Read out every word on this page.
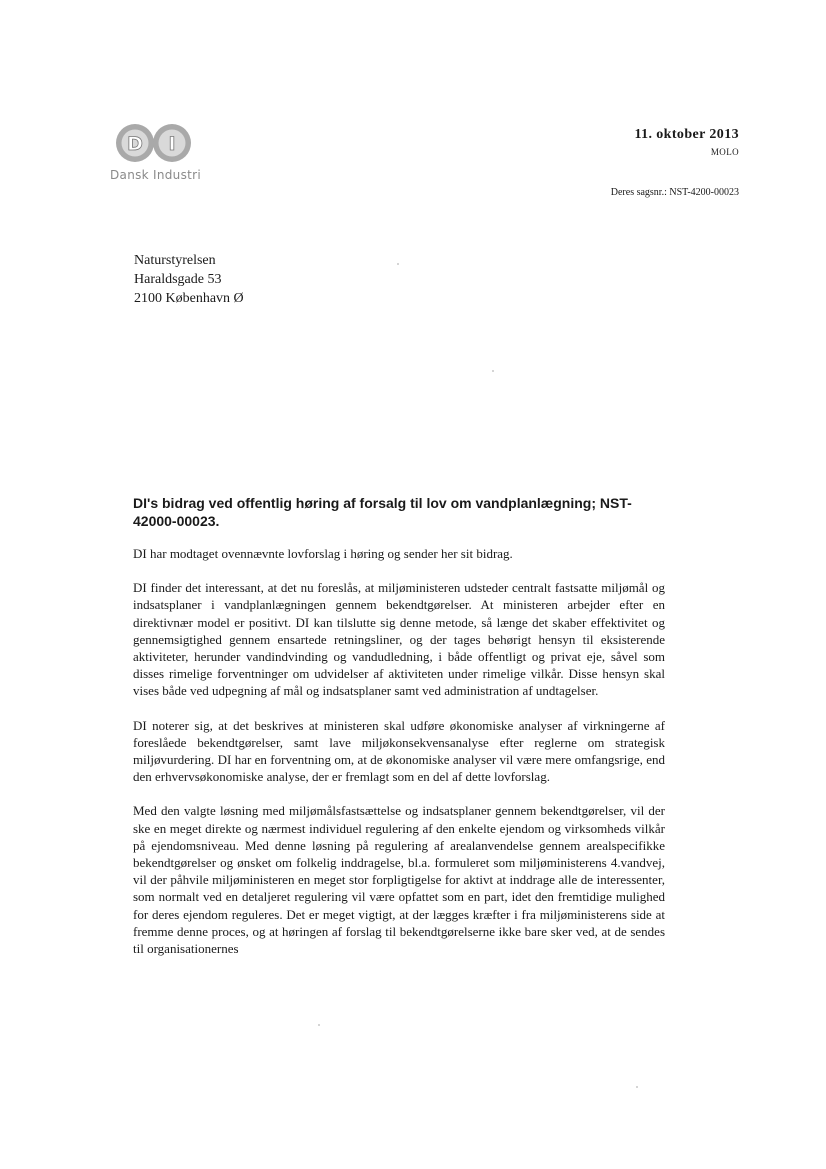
D I
Dansk Industri
11. oktober 2013
MOLO
Deres sagsnr.: NST-4200-00023
Naturstyrelsen
Haraldsgade 53
2100 København Ø
DI's bidrag ved offentlig høring af forsalg til lov om vandplanlægning; NST-42000-00023.

DI har modtaget ovennævnte lovforslag i høring og sender her sit bidrag.

DI finder det interessant, at det nu foreslås, at miljøministeren udsteder centralt fastsatte miljømål og indsatsplaner i vandplanlægningen gennem bekendtgørelser. At ministeren arbejder efter en direktivnær model er positivt. DI kan tilslutte sig denne metode, så længe det skaber effektivitet og gennemsigtighed gennem ensartede retningsliner, og der tages behørigt hensyn til eksisterende aktiviteter, herunder vandindvinding og vandudledning, i både offentligt og privat eje, såvel som disses rimelige forventninger om udvidelser af aktiviteten under rimelige vilkår. Disse hensyn skal vises både ved udpegning af mål og indsatsplaner samt ved administration af undtagelser.

DI noterer sig, at det beskrives at ministeren skal udføre økonomiske analyser af virkningerne af foreslåede bekendtgørelser, samt lave miljøkonsekvensanalyse efter reglerne om strategisk miljøvurdering. DI har en forventning om, at de økonomiske analyser vil være mere omfangsrige, end den erhvervsøkonomiske analyse, der er fremlagt som en del af dette lovforslag.

Med den valgte løsning med miljømålsfastsættelse og indsatsplaner gennem bekendtgørelser, vil der ske en meget direkte og nærmest individuel regulering af den enkelte ejendom og virksomheds vilkår på ejendomsniveau. Med denne løsning på regulering af arealanvendelse gennem arealspecifikke bekendtgørelser og ønsket om folkelig inddragelse, bl.a. formuleret som miljøministerens 4.vandvej, vil der påhvile miljøministeren en meget stor forpligtigelse for aktivt at inddrage alle de interessenter, som normalt ved en detaljeret regulering vil være opfattet som en part, idet den fremtidige mulighed for deres ejendom reguleres. Det er meget vigtigt, at der lægges kræfter i fra miljøministerens side at fremme denne proces, og at høringen af forslag til bekendtgørelserne ikke bare sker ved, at de sendes til organisationernes
